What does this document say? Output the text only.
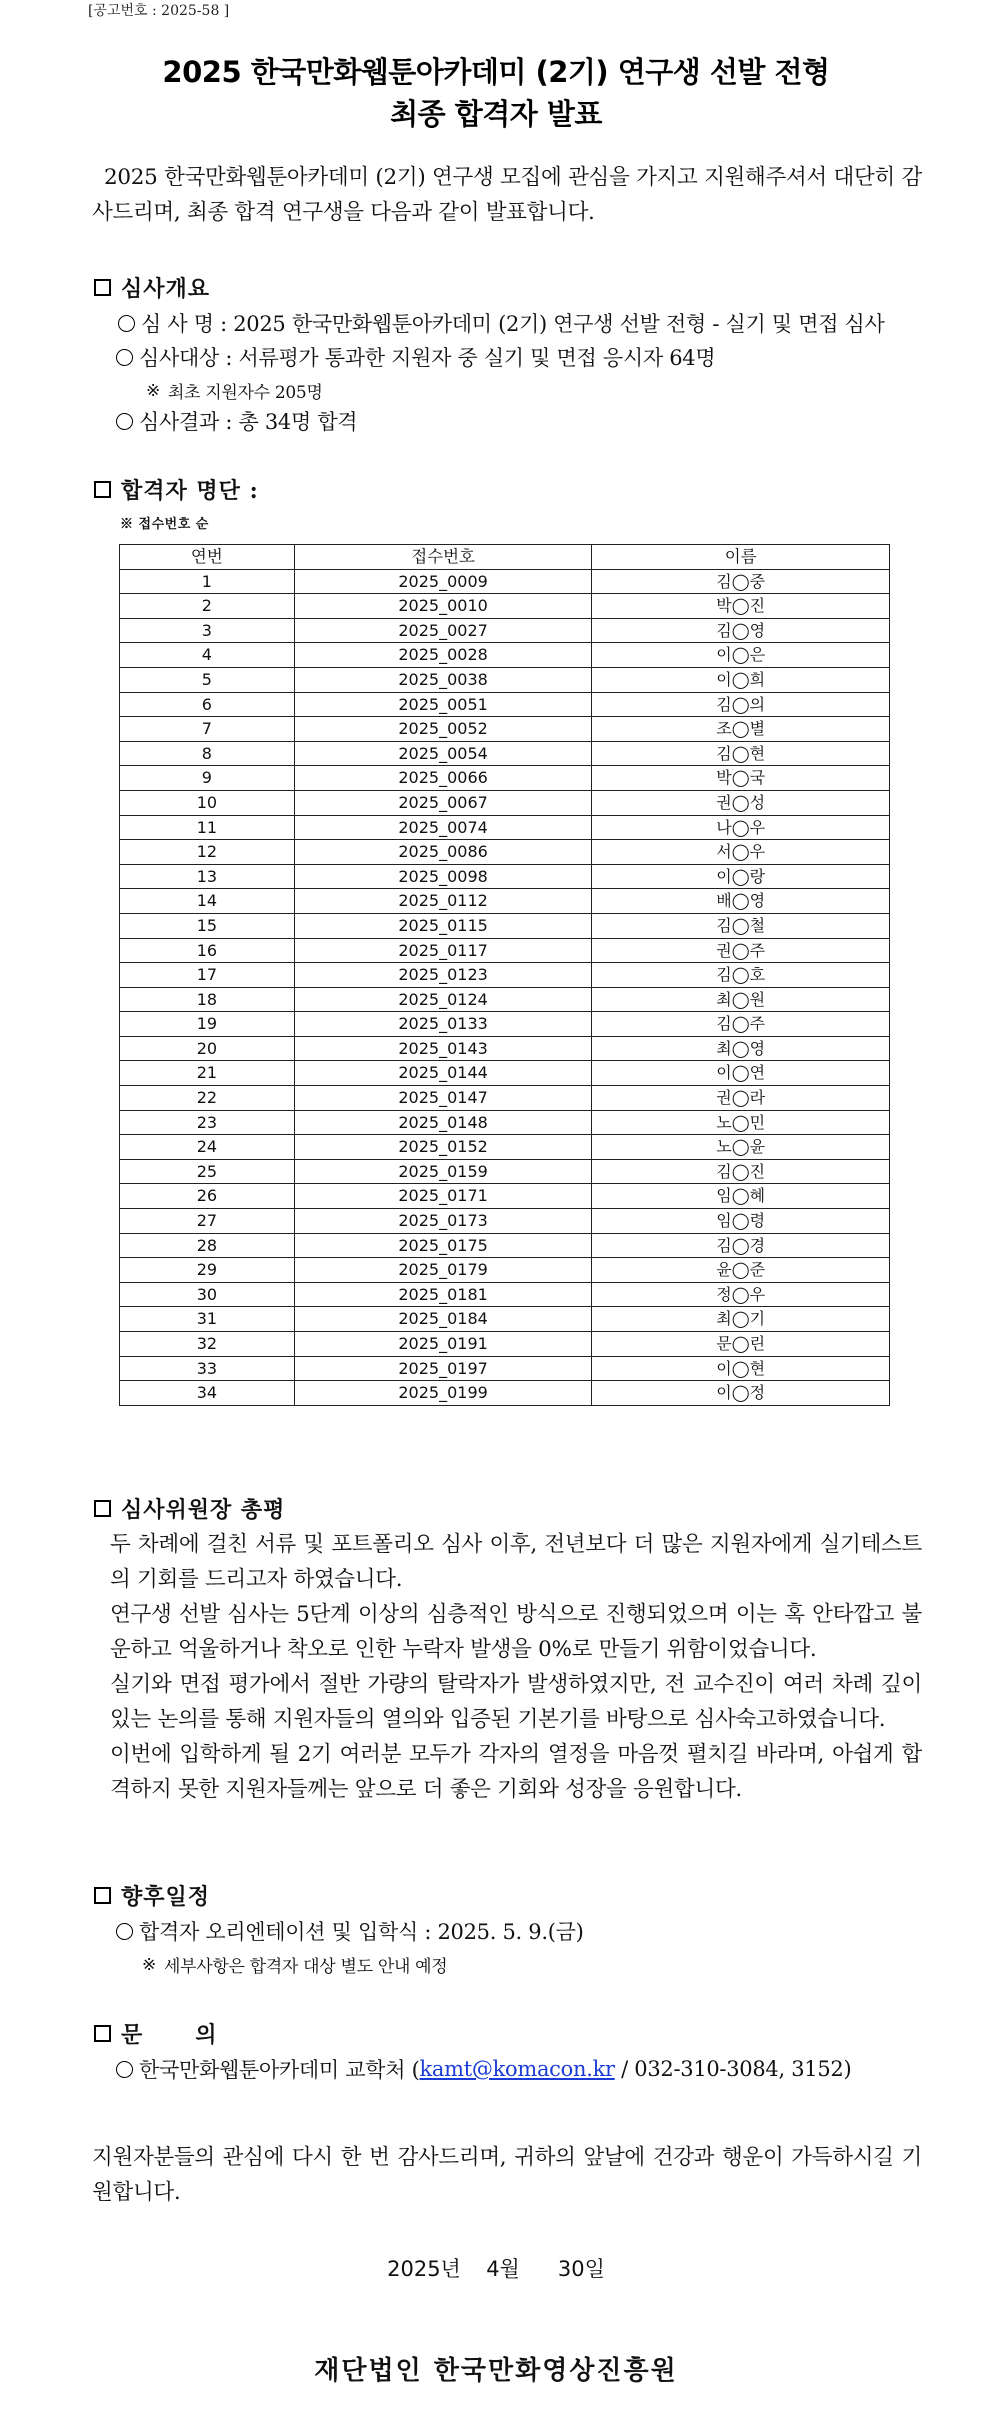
[공고번호 : 2025-58 ]
2025 한국만화웹툰아카데미 (2기) 연구생 선발 전형
최종 합격자 발표
2025 한국만화웹툰아카데미 (2기) 연구생 모집에 관심을 가지고 지원해주셔서 대단히 감사드리며, 최종 합격 연구생을 다음과 같이 발표합니다.
심사개요
심 사 명 : 2025 한국만화웹툰아카데미 (2기) 연구생 선발 전형 - 실기 및 면접 심사
심사대상 : 서류평가 통과한 지원자 중 실기 및 면접 응시자 64명
※ 최초 지원자수 205명
심사결과 : 총 34명 합격
합격자 명단 :
※ 접수번호 순
연번	접수번호	이름
1	2025_0009	김◯중
2	2025_0010	박◯진
3	2025_0027	김◯영
4	2025_0028	이◯은
5	2025_0038	이◯희
6	2025_0051	김◯의
7	2025_0052	조◯별
8	2025_0054	김◯현
9	2025_0066	박◯국
10	2025_0067	권◯성
11	2025_0074	나◯우
12	2025_0086	서◯우
13	2025_0098	이◯랑
14	2025_0112	배◯영
15	2025_0115	김◯철
16	2025_0117	권◯주
17	2025_0123	김◯호
18	2025_0124	최◯원
19	2025_0133	김◯주
20	2025_0143	최◯영
21	2025_0144	이◯연
22	2025_0147	권◯라
23	2025_0148	노◯민
24	2025_0152	노◯윤
25	2025_0159	김◯진
26	2025_0171	임◯혜
27	2025_0173	임◯령
28	2025_0175	김◯경
29	2025_0179	윤◯준
30	2025_0181	정◯우
31	2025_0184	최◯기
32	2025_0191	문◯린
33	2025_0197	이◯현
34	2025_0199	이◯정
심사위원장 총평
두 차례에 걸친 서류 및 포트폴리오 심사 이후, 전년보다 더 많은 지원자에게 실기테스트의 기회를 드리고자 하였습니다.
연구생 선발 심사는 5단계 이상의 심층적인 방식으로 진행되었으며 이는 혹 안타깝고 불운하고 억울하거나 착오로 인한 누락자 발생을 0%로 만들기 위함이었습니다.
실기와 면접 평가에서 절반 가량의 탈락자가 발생하였지만, 전 교수진이 여러 차례 깊이 있는 논의를 통해 지원자들의 열의와 입증된 기본기를 바탕으로 심사숙고하였습니다.
이번에 입학하게 될 2기 여러분 모두가 각자의 열정을 마음껏 펼치길 바라며, 아쉽게 합격하지 못한 지원자들께는 앞으로 더 좋은 기회와 성장을 응원합니다.
향후일정
합격자 오리엔테이션 및 입학식 : 2025. 5. 9.(금)
※ 세부사항은 합격자 대상 별도 안내 예정
문      의
한국만화웹툰아카데미 교학처 ( kamt@komacon.kr / 032-310-3084, 3152)
지원자분들의 관심에 다시 한 번 감사드리며, 귀하의 앞날에 건강과 행운이 가득하시길 기원합니다.
2025년  4월   30일
재단법인 한국만화영상진흥원
